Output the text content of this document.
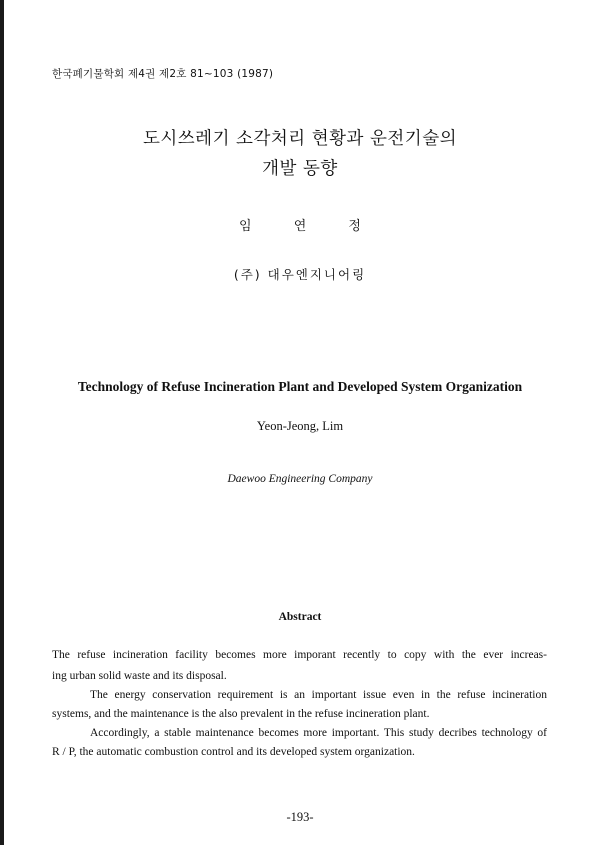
한국폐기물학회 제4권 제2호 81~103 (1987)
도시쓰레기 소각처리 현황과 운전기술의
개발 동향
임 연 정
(주) 대우엔지니어링
Technology of Refuse Incineration Plant and Developed System Organization
Yeon-Jeong, Lim
Daewoo Engineering Company
Abstract
The refuse incineration facility becomes more imporant recently to copy with the ever increas-
ing urban solid waste and its disposal.
The energy conservation requirement is an important issue even in the refuse incineration
systems, and the maintenance is the also prevalent in the refuse incineration plant.
Accordingly, a stable maintenance becomes more important. This study decribes technology of
R / P, the automatic combustion control and its developed system organization.
-193-
